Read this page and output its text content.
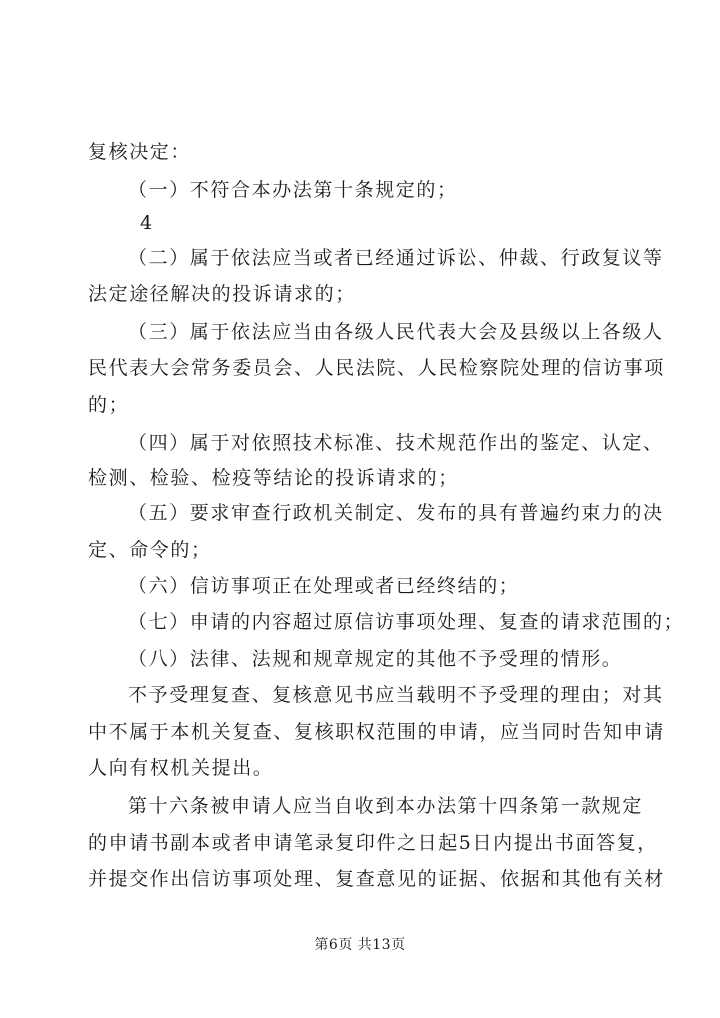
复核决定：
（一）不符合本办法第十条规定的；
4
（二）属于依法应当或者已经通过诉讼、仲裁、行政复议等
法定途径解决的投诉请求的；
（三）属于依法应当由各级人民代表大会及县级以上各级人
民代表大会常务委员会、人民法院、人民检察院处理的信访事项
的；
（四）属于对依照技术标准、技术规范作出的鉴定、认定、
检测、检验、检疫等结论的投诉请求的；
（五）要求审查行政机关制定、发布的具有普遍约束力的决
定、命令的；
（六）信访事项正在处理或者已经终结的；
（七）申请的内容超过原信访事项处理、复查的请求范围的；
（八）法律、法规和规章规定的其他不予受理的情形。
不予受理复查、复核意见书应当载明不予受理的理由；对其
中不属于本机关复查、复核职权范围的申请，应当同时告知申请
人向有权机关提出。
第十六条被申请人应当自收到本办法第十四条第一款规定
的申请书副本或者申请笔录复印件之日起5日内提出书面答复，
并提交作出信访事项处理、复查意见的证据、依据和其他有关材
第6页 共13页
